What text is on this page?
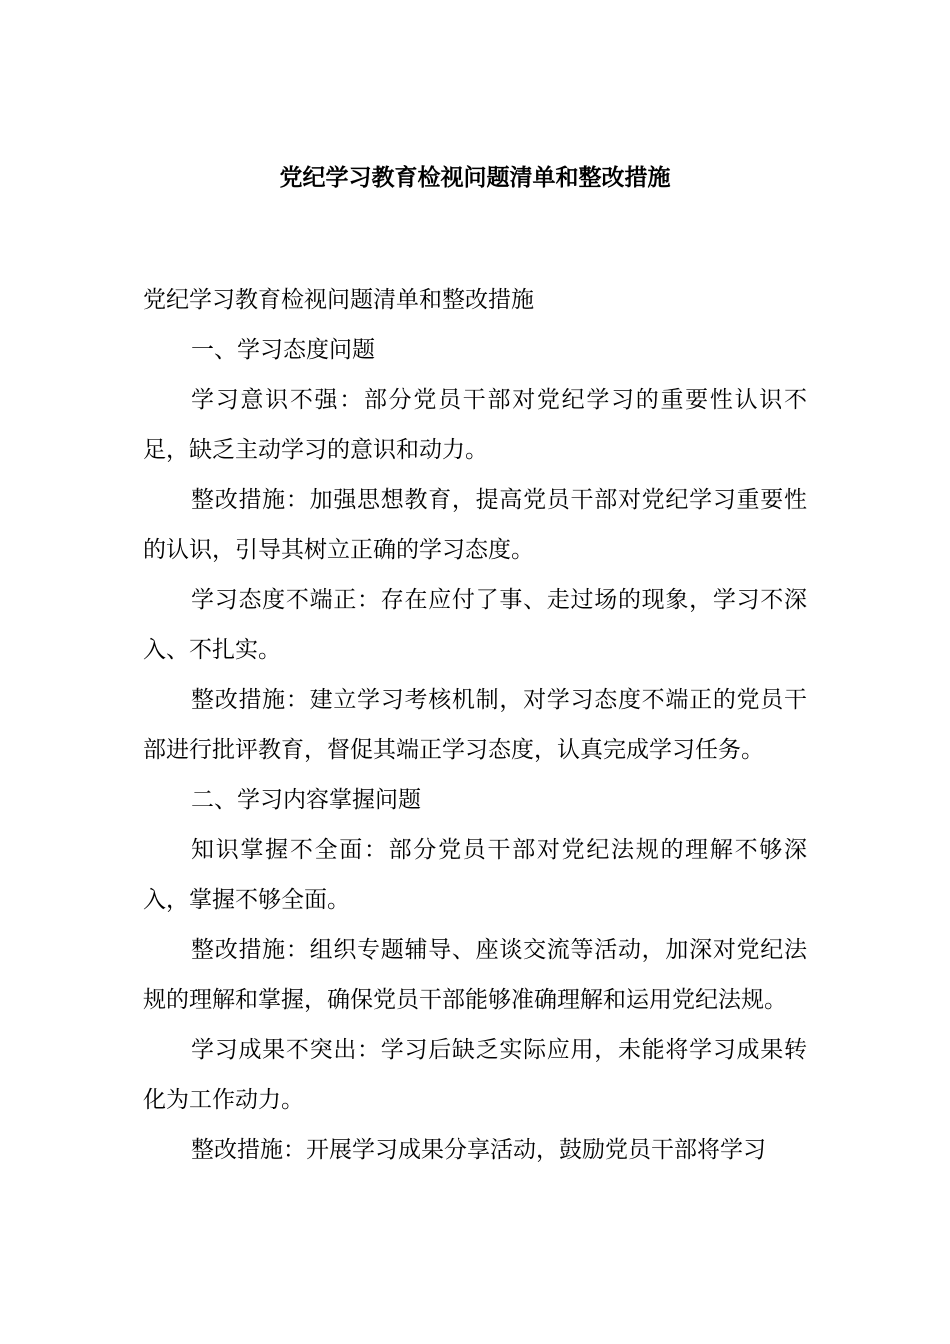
党纪学习教育检视问题清单和整改措施

党纪学习教育检视问题清单和整改措施

一、学习态度问题

学习意识不强：部分党员干部对党纪学习的重要性认识不足，缺乏主动学习的意识和动力。

整改措施：加强思想教育，提高党员干部对党纪学习重要性的认识，引导其树立正确的学习态度。

学习态度不端正：存在应付了事、走过场的现象，学习不深入、不扎实。

整改措施：建立学习考核机制，对学习态度不端正的党员干部进行批评教育，督促其端正学习态度，认真完成学习任务。

二、学习内容掌握问题

知识掌握不全面：部分党员干部对党纪法规的理解不够深入，掌握不够全面。

整改措施：组织专题辅导、座谈交流等活动，加深对党纪法规的理解和掌握，确保党员干部能够准确理解和运用党纪法规。

学习成果不突出：学习后缺乏实际应用，未能将学习成果转化为工作动力。

整改措施：开展学习成果分享活动，鼓励党员干部将学习
